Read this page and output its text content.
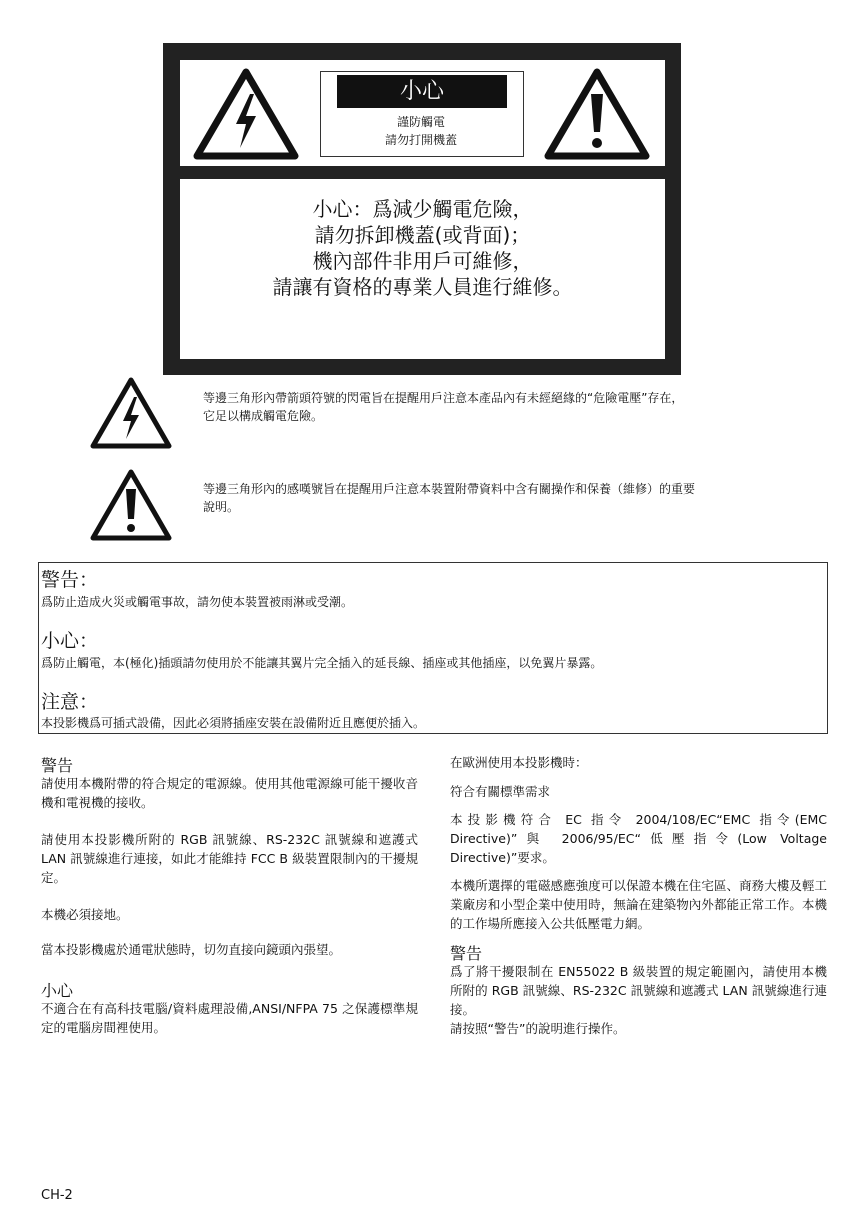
小心
謹防觸電
請勿打開機蓋
小心：爲減少觸電危險，
請勿拆卸機蓋(或背面)；
機內部件非用戶可維修，
請讓有資格的專業人員進行維修。
等邊三角形內帶箭頭符號的閃電旨在提醒用戶注意本產品內有未經絕緣的“危險電壓”存在，
它足以構成觸電危險。
等邊三角形內的感嘆號旨在提醒用戶注意本裝置附帶資料中含有關操作和保養（維修）的重要
說明。
警告：
爲防止造成火災或觸電事故，請勿使本裝置被雨淋或受潮。
小心：
爲防止觸電，本(極化)插頭請勿使用於不能讓其翼片完全插入的延長線、插座或其他插座，以免翼片暴露。
注意：
本投影機爲可插式設備，因此必須將插座安裝在設備附近且應便於插入。
警告
請使用本機附帶的符合規定的電源線。使用其他電源線可能干擾收音機和電視機的接收。
請使用本投影機所附的 RGB 訊號線、RS-232C 訊號線和遮護式 LAN 訊號線進行連接，如此才能維持 FCC B 級裝置限制內的干擾規定。
本機必須接地。
當本投影機處於通電狀態時，切勿直接向鏡頭內張望。
小心
不適合在有高科技電腦/資料處理設備,ANSI/NFPA 75 之保護標準規定的電腦房間裡使用。
在歐洲使用本投影機時：
符合有關標準需求
本投影機符合 EC 指令 2004/108/EC“EMC 指令(EMC Directive)”與 2006/95/EC“低壓指令(Low Voltage Directive)”要求。
本機所選擇的電磁感應強度可以保證本機在住宅區、商務大樓及輕工業廠房和小型企業中使用時，無論在建築物內外都能正常工作。本機的工作場所應接入公共低壓電力網。
警告
爲了將干擾限制在 EN55022 B 級裝置的規定範圍內，請使用本機所附的 RGB 訊號線、RS-232C 訊號線和遮護式 LAN 訊號線進行連接。
請按照“警告”的說明進行操作。
CH-2
